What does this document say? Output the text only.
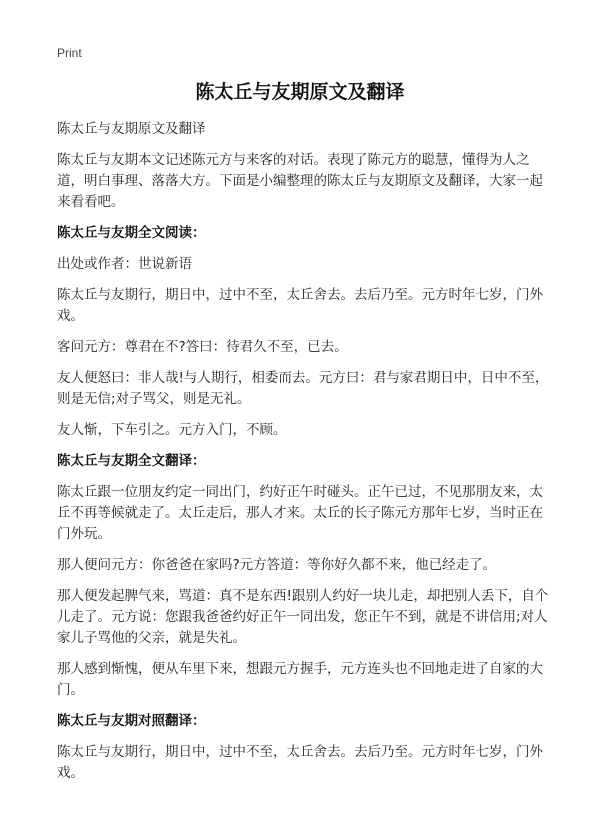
Print
陈太丘与友期原文及翻译

陈太丘与友期原文及翻译

陈太丘与友期本文记述陈元方与来客的对话。表现了陈元方的聪慧，懂得为人之道，明白事理、落落大方。下面是小编整理的陈太丘与友期原文及翻译，大家一起来看看吧。

陈太丘与友期全文阅读：

出处或作者：世说新语

陈太丘与友期行，期日中，过中不至，太丘舍去。去后乃至。元方时年七岁，门外戏。

客问元方：尊君在不?答曰：待君久不至，已去。

友人便怒曰：非人哉!与人期行，相委而去。元方曰：君与家君期日中，日中不至，则是无信;对子骂父，则是无礼。

友人惭，下车引之。元方入门，不顾。

陈太丘与友期全文翻译：

陈太丘跟一位朋友约定一同出门，约好正午时碰头。正午已过，不见那朋友来，太丘不再等候就走了。太丘走后，那人才来。太丘的长子陈元方那年七岁，当时正在门外玩。

那人便问元方：你爸爸在家吗?元方答道：等你好久都不来，他已经走了。

那人便发起脾气来，骂道：真不是东西!跟别人约好一块儿走，却把别人丢下，自个儿走了。元方说：您跟我爸爸约好正午一同出发，您正午不到，就是不讲信用;对人家儿子骂他的父亲，就是失礼。

那人感到惭愧，便从车里下来，想跟元方握手，元方连头也不回地走进了自家的大门。

陈太丘与友期对照翻译：

陈太丘与友期行，期日中，过中不至，太丘舍去。去后乃至。元方时年七岁，门外戏。
